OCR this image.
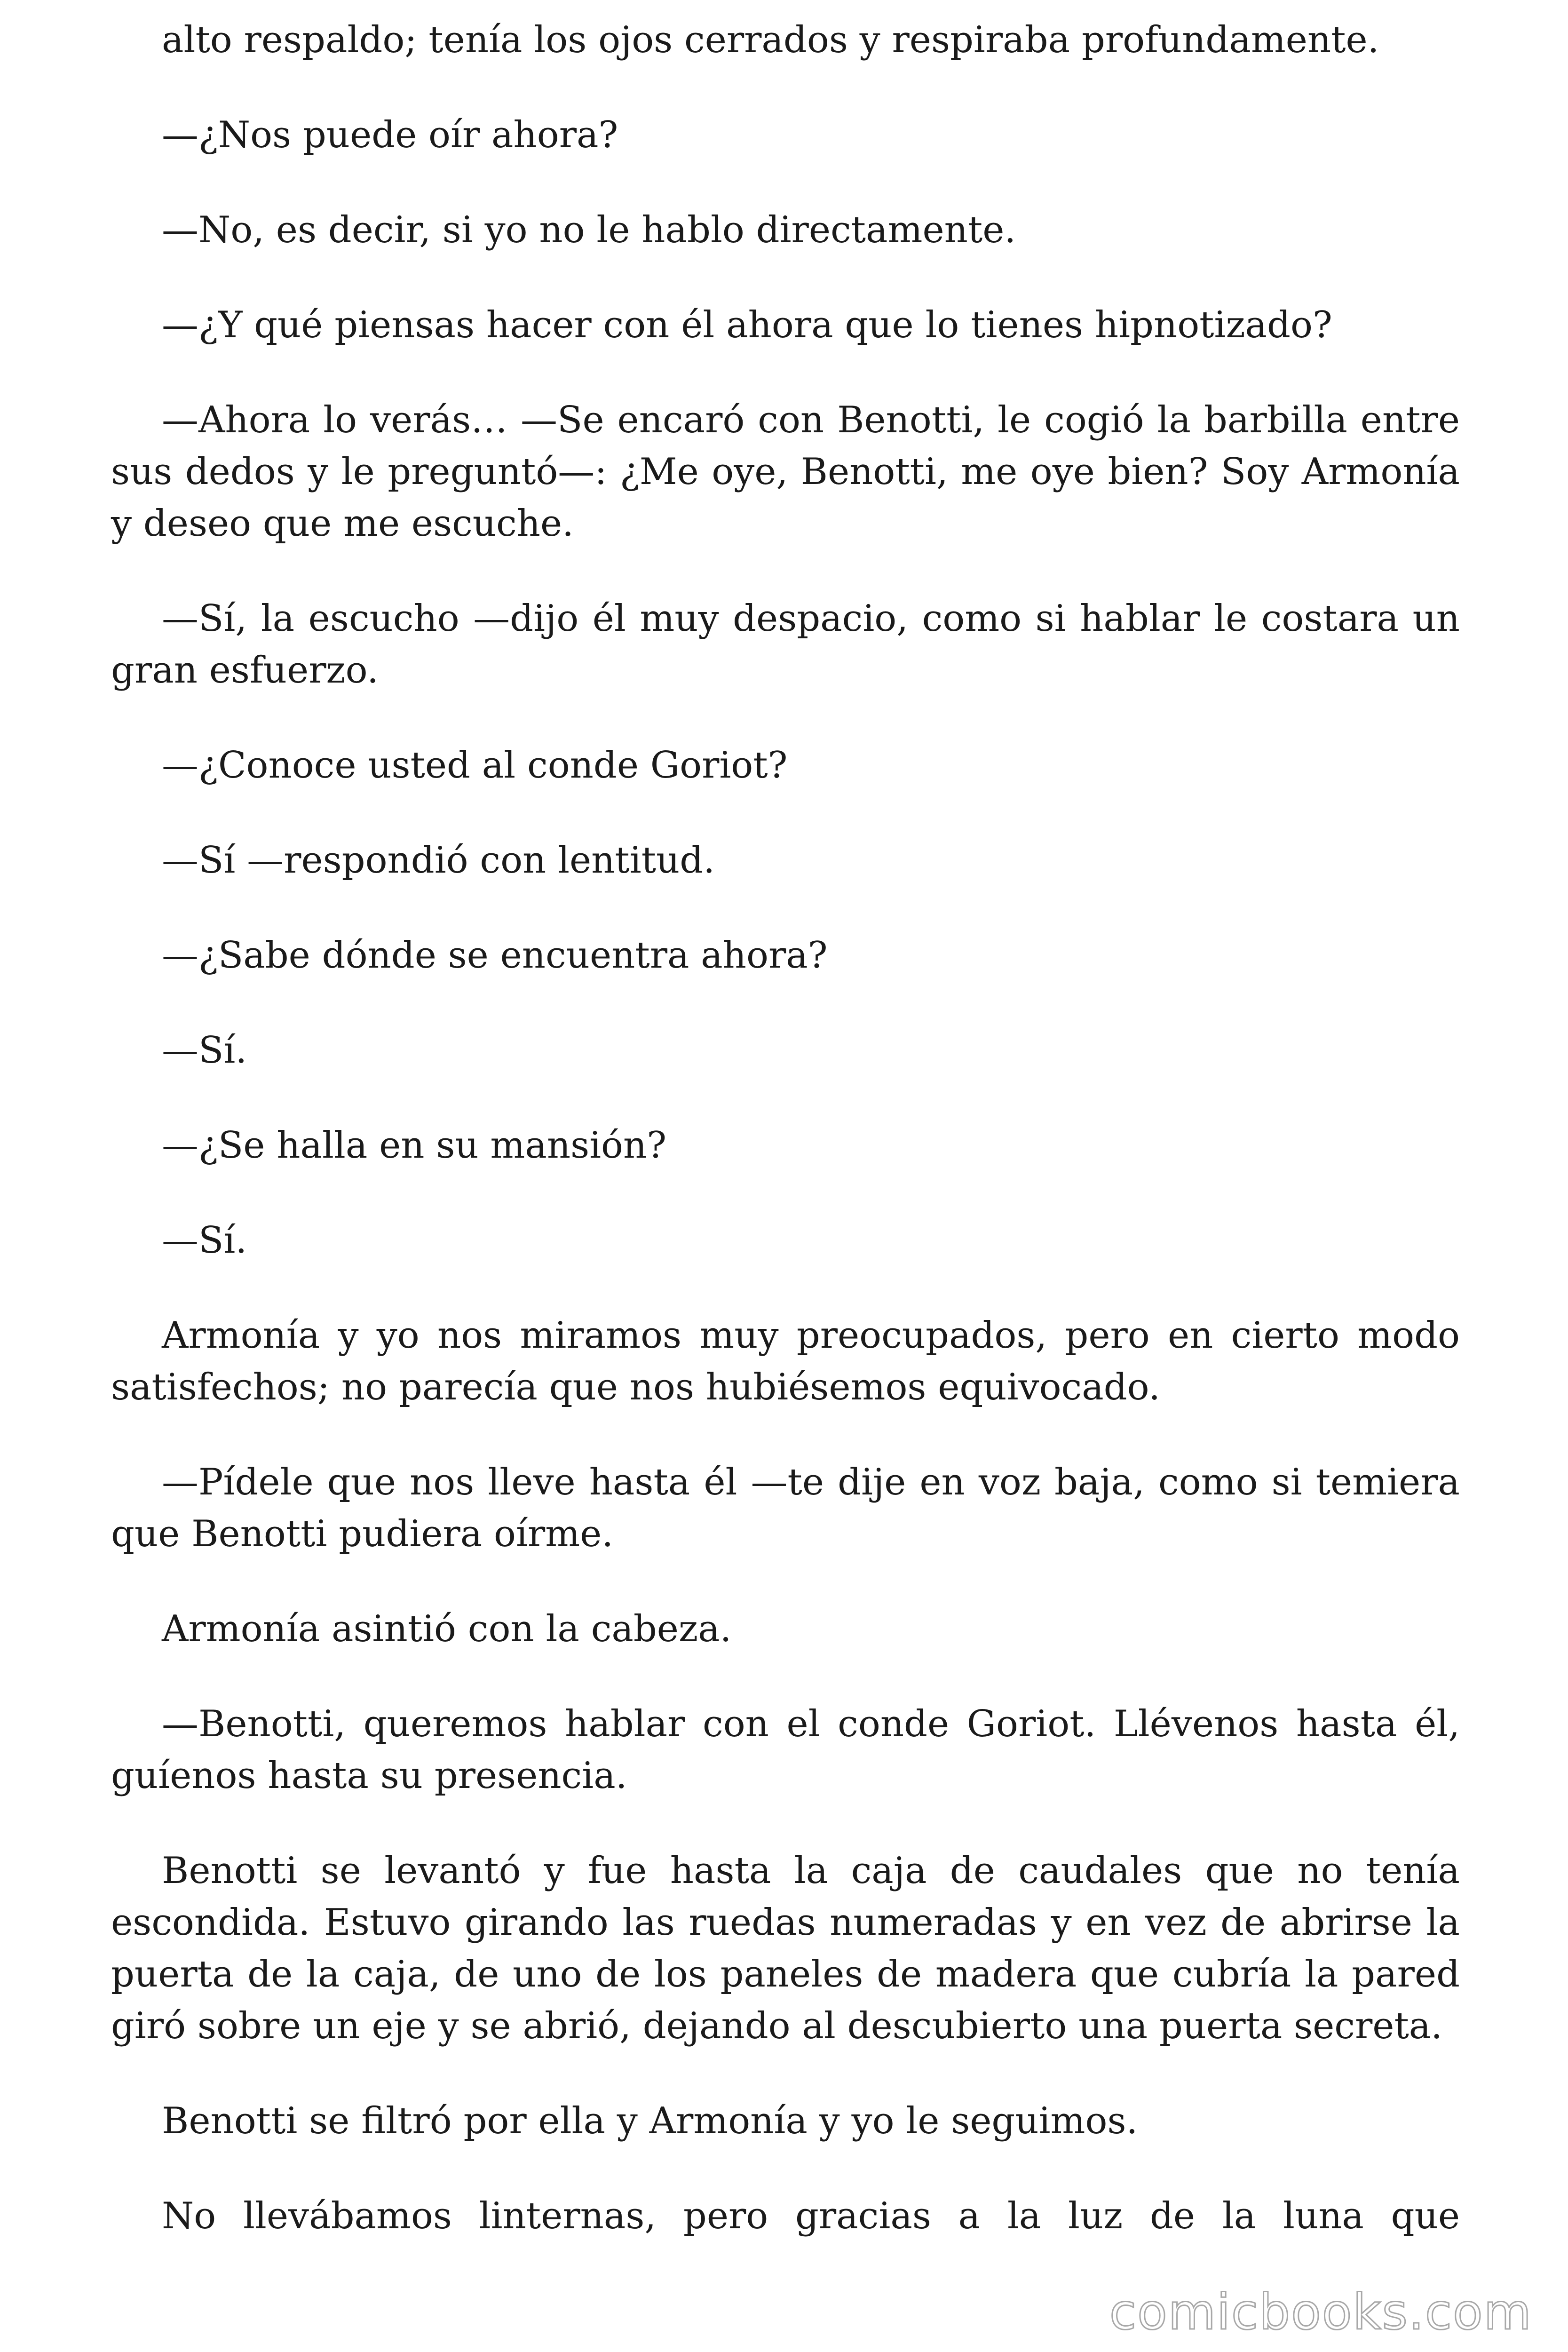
alto respaldo; tenía los ojos cerrados y respiraba profundamente.

—¿Nos puede oír ahora?

—No, es decir, si yo no le hablo directamente.

—¿Y qué piensas hacer con él ahora que lo tienes hipnotizado?

—Ahora lo verás… —Se encaró con Benotti, le cogió la barbilla entre sus dedos y le preguntó—: ¿Me oye, Benotti, me oye bien? Soy Armonía y deseo que me escuche.

—Sí, la escucho —dijo él muy despacio, como si hablar le costara un gran esfuerzo.

—¿Conoce usted al conde Goriot?

—Sí —respondió con lentitud.

—¿Sabe dónde se encuentra ahora?

—Sí.

—¿Se halla en su mansión?

—Sí.

Armonía y yo nos miramos muy preocupados, pero en cierto modo satisfechos; no parecía que nos hubiésemos equivocado.

—Pídele que nos lleve hasta él —te dije en voz baja, como si temiera que Benotti pudiera oírme.

Armonía asintió con la cabeza.

—Benotti, queremos hablar con el conde Goriot. Llévenos hasta él, guíenos hasta su presencia.

Benotti se levantó y fue hasta la caja de caudales que no tenía escondida. Estuvo girando las ruedas numeradas y en vez de abrirse la puerta de la caja, de uno de los paneles de madera que cubría la pared giró sobre un eje y se abrió, dejando al descubierto una puerta secreta.

Benotti se filtró por ella y Armonía y yo le seguimos.

No llevábamos linternas, pero gracias a la luz de la luna que

comicbooks.com
